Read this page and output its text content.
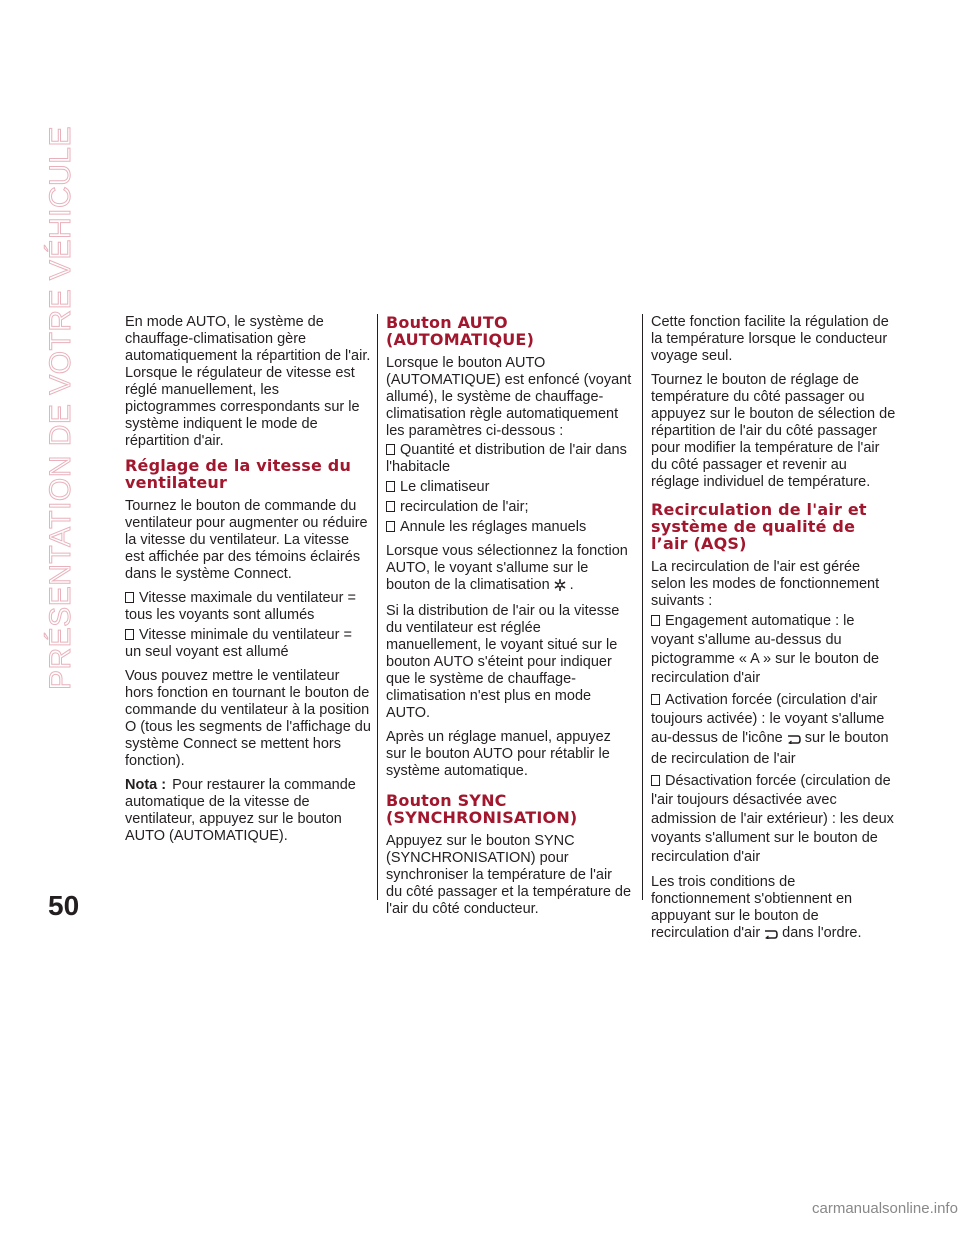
PRÉSENTATION DE VOTRE VÉHICULE
50

En mode AUTO, le système de chauffage-climatisation gère automatiquement la répartition de l'air. Lorsque le régulateur de vitesse est réglé manuellement, les pictogrammes correspondants sur le système indiquent le mode de répartition d'air.

Réglage de la vitesse du ventilateur

Tournez le bouton de commande du ventilateur pour augmenter ou réduire la vitesse du ventilateur. La vitesse est affichée par des témoins éclairés dans le système Connect.

Vitesse maximale du ventilateur = tous les voyants sont allumés
Vitesse minimale du ventilateur = un seul voyant est allumé

Vous pouvez mettre le ventilateur hors fonction en tournant le bouton de commande du ventilateur à la position O (tous les segments de l'affichage du système Connect se mettent hors fonction).

Nota : Pour restaurer la commande automatique de la vitesse de ventilateur, appuyez sur le bouton AUTO (AUTOMATIQUE).

Bouton AUTO (AUTOMATIQUE)

Lorsque le bouton AUTO (AUTOMATIQUE) est enfoncé (voyant allumé), le système de chauffage-climatisation règle automatiquement les paramètres ci-dessous :

Quantité et distribution de l'air dans l'habitacle
Le climatiseur
recirculation de l'air;
Annule les réglages manuels

Lorsque vous sélectionnez la fonction AUTO, le voyant s'allume sur le bouton de la climatisation .

Si la distribution de l'air ou la vitesse du ventilateur est réglée manuellement, le voyant situé sur le bouton AUTO s'éteint pour indiquer que le système de chauffage-climatisation n'est plus en mode AUTO.

Après un réglage manuel, appuyez sur le bouton AUTO pour rétablir le système automatique.

Bouton SYNC (SYNCHRONISATION)

Appuyez sur le bouton SYNC (SYNCHRONISATION) pour synchroniser la température de l'air du côté passager et la température de l'air du côté conducteur.

Cette fonction facilite la régulation de la température lorsque le conducteur voyage seul.

Tournez le bouton de réglage de température du côté passager ou appuyez sur le bouton de sélection de répartition de l'air du côté passager pour modifier la température de l'air du côté passager et revenir au réglage individuel de température.

Recirculation de l'air et système de qualité de l’air (AQS)

La recirculation de l'air est gérée selon les modes de fonctionnement suivants :

Engagement automatique : le voyant s'allume au-dessus du pictogramme « A » sur le bouton de recirculation d'air
Activation forcée (circulation d'air toujours activée) : le voyant s'allume au-dessus de l'icône sur le bouton de recirculation de l'air
Désactivation forcée (circulation de l'air toujours désactivée avec admission de l'air extérieur) : les deux voyants s'allument sur le bouton de recirculation d'air

Les trois conditions de fonctionnement s'obtiennent en appuyant sur le bouton de recirculation d'air dans l'ordre.

carmanualsonline.info
